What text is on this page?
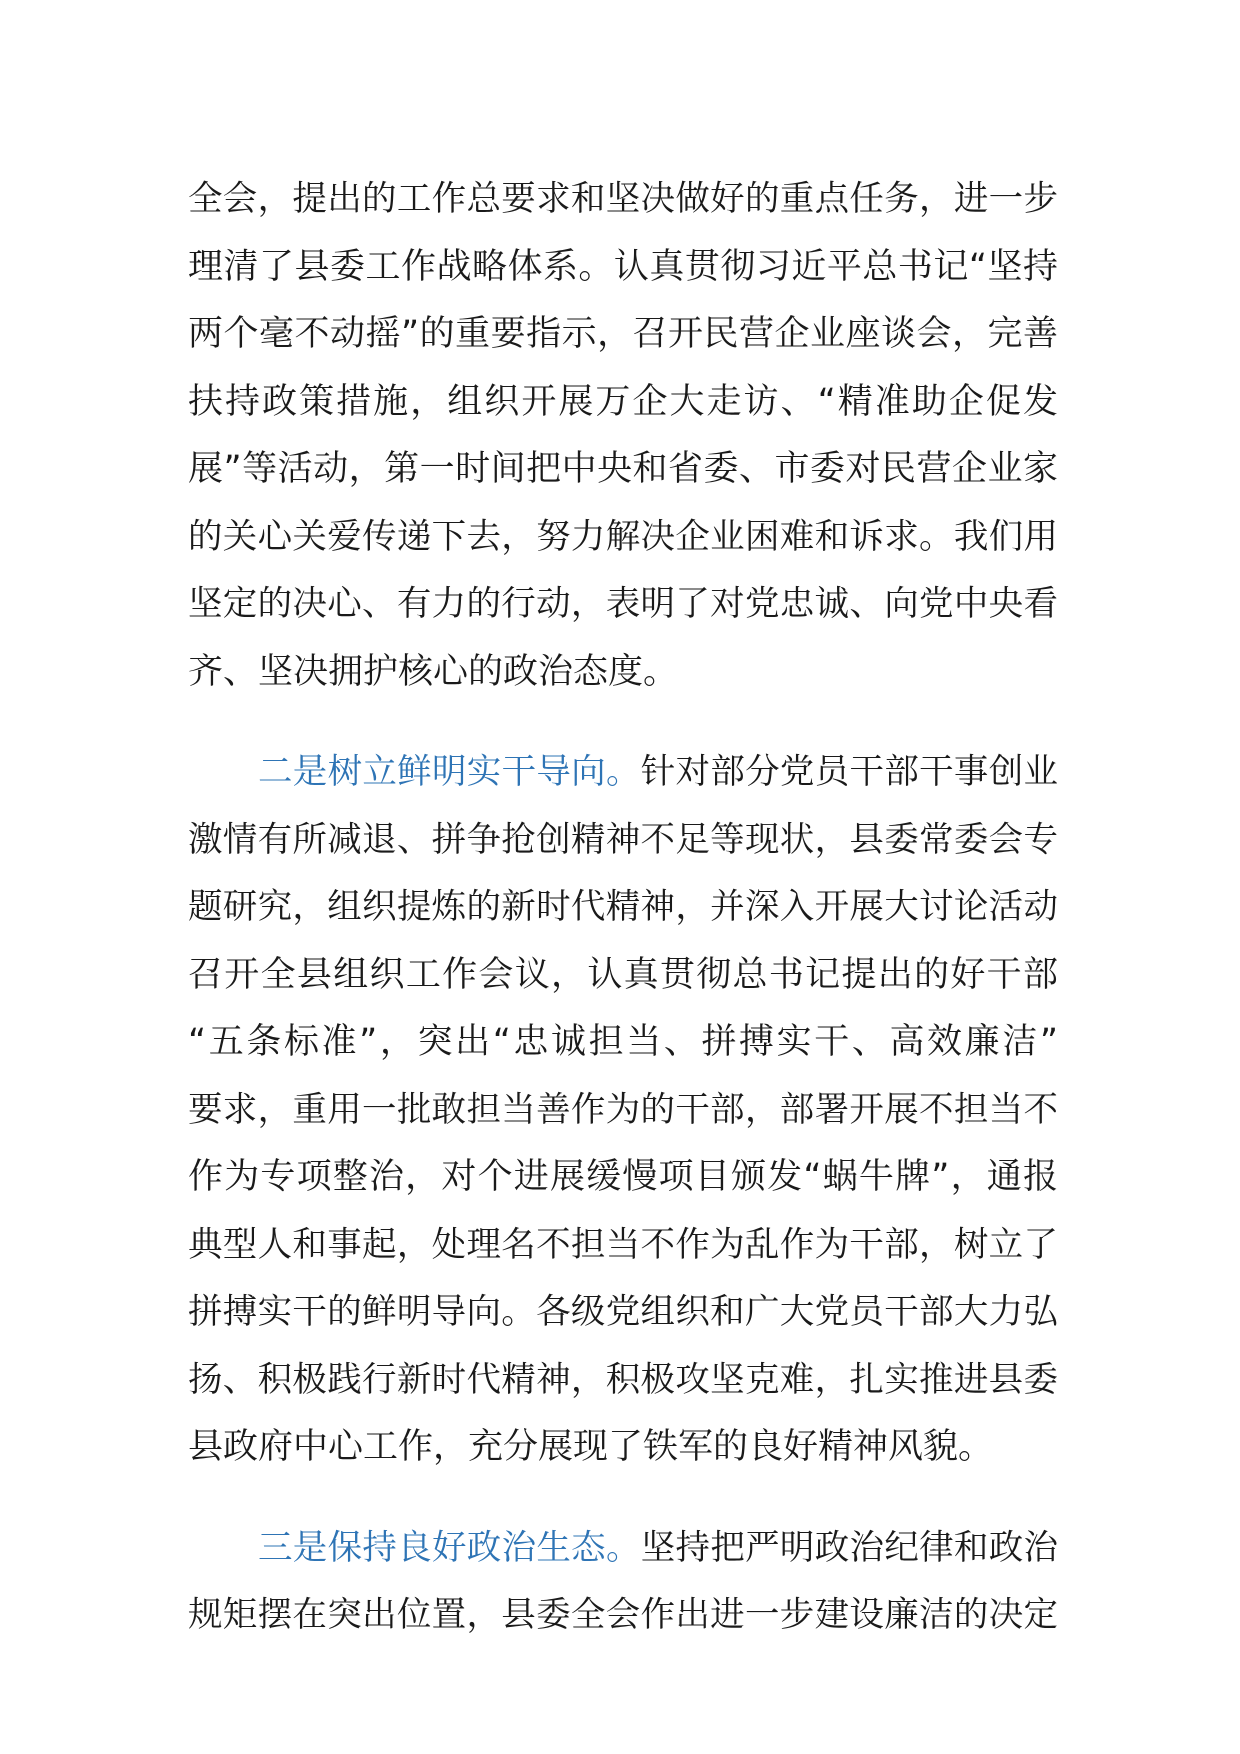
全会，提出的工作总要求和坚决做好的重点任务，进一步
理清了县委工作战略体系。认真贯彻习近平总书记“坚持
两个毫不动摇”的重要指示，召开民营企业座谈会，完善
扶持政策措施，组织开展万企大走访、“精准助企促发
展”等活动，第一时间把中央和省委、市委对民营企业家
的关心关爱传递下去，努力解决企业困难和诉求。我们用
坚定的决心、有力的行动，表明了对党忠诚、向党中央看
齐、坚决拥护核心的政治态度。
二是树立鲜明实干导向。针对部分党员干部干事创业
激情有所减退、拼争抢创精神不足等现状，县委常委会专
题研究，组织提炼的新时代精神，并深入开展大讨论活动
召开全县组织工作会议，认真贯彻总书记提出的好干部
“五条标准”，突出“忠诚担当、拼搏实干、高效廉洁”
要求，重用一批敢担当善作为的干部，部署开展不担当不
作为专项整治，对个进展缓慢项目颁发“蜗牛牌”，通报
典型人和事起，处理名不担当不作为乱作为干部，树立了
拼搏实干的鲜明导向。各级党组织和广大党员干部大力弘
扬、积极践行新时代精神，积极攻坚克难，扎实推进县委
县政府中心工作，充分展现了铁军的良好精神风貌。
三是保持良好政治生态。坚持把严明政治纪律和政治
规矩摆在突出位置，县委全会作出进一步建设廉洁的决定
